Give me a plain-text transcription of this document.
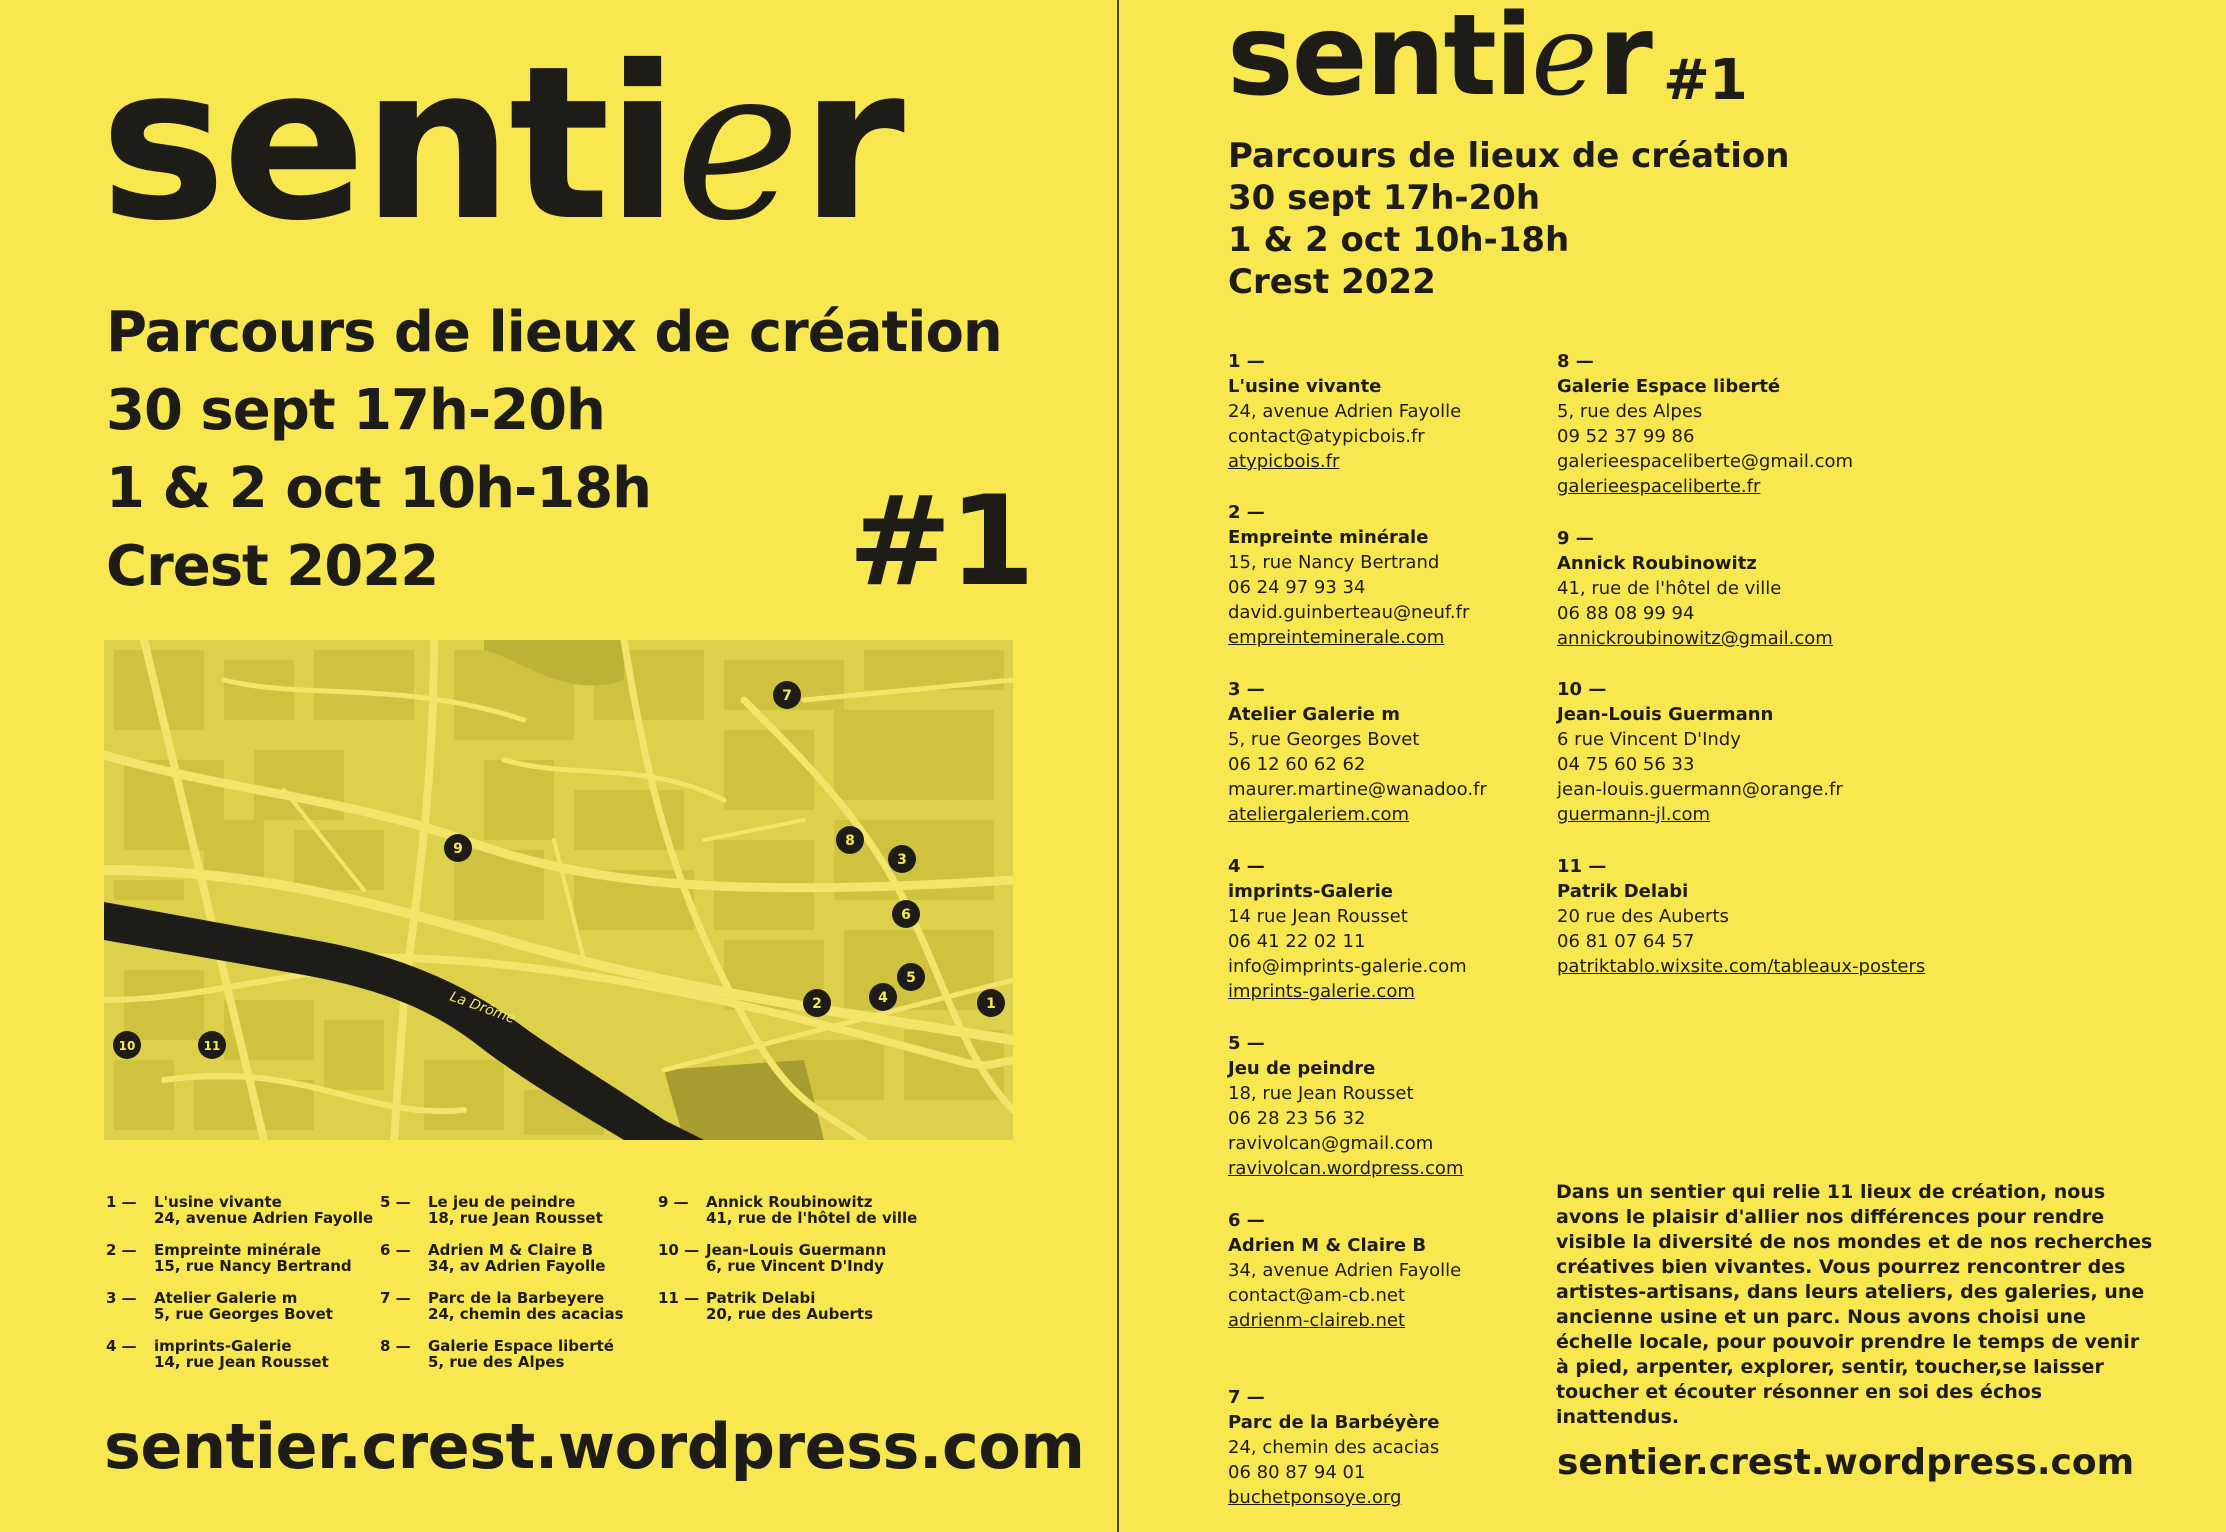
sentier
Parcours de lieux de création
30 sept 17h-20h
1 & 2 oct 10h-18h
Crest 2022	#1
La Drôme	1
2
3
4
5
6
7
8
9
10	11
1 — L'usine vivante
24, avenue Adrien Fayolle
2 — Empreinte minérale
15, rue Nancy Bertrand
3 — Atelier Galerie m
5, rue Georges Bovet
4 — imprints-Galerie
14, rue Jean Rousset
5 — Le jeu de peindre
18, rue Jean Rousset
6 — Adrien M & Claire B
34, av Adrien Fayolle
7 — Parc de la Barbeyere
24, chemin des acacias
8 — Galerie Espace liberté
5, rue des Alpes
9 — Annick Roubinowitz
41, rue de l'hôtel de ville
10 — Jean-Louis Guermann
6, rue Vincent D'Indy
11 — Patrik Delabi
20, rue des Auberts
sentier.crest.wordpress.com
sentier #1
Parcours de lieux de création
30 sept 17h-20h
1 & 2 oct 10h-18h
Crest 2022
1 —
L'usine vivante
24, avenue Adrien Fayolle
contact@atypicbois.fr
atypicbois.fr
2 —
Empreinte minérale
15, rue Nancy Bertrand
06 24 97 93 34
david.guinberteau@neuf.fr
empreinteminerale.com
3 —
Atelier Galerie m
5, rue Georges Bovet
06 12 60 62 62
maurer.martine@wanadoo.fr
ateliergaleriem.com
4 —
imprints-Galerie
14 rue Jean Rousset
06 41 22 02 11
info@imprints-galerie.com
imprints-galerie.com
5 —
Jeu de peindre
18, rue Jean Rousset
06 28 23 56 32
ravivolcan@gmail.com
ravivolcan.wordpress.com
6 —
Adrien M & Claire B
34, avenue Adrien Fayolle
contact@am-cb.net
adrienm-claireb.net
7 —
Parc de la Barbéyère
24, chemin des acacias
06 80 87 94 01
buchetponsoye.org
8 —
Galerie Espace liberté
5, rue des Alpes
09 52 37 99 86
galerieespaceliberte@gmail.com
galerieespaceliberte.fr
9 —
Annick Roubinowitz
41, rue de l'hôtel de ville
06 88 08 99 94
annickroubinowitz@gmail.com
10 —
Jean-Louis Guermann
6 rue Vincent D'Indy
04 75 60 56 33
jean-louis.guermann@orange.fr
guermann-jl.com
11 —
Patrik Delabi
20 rue des Auberts
06 81 07 64 57
patriktablo.wixsite.com/tableaux-posters
Dans un sentier qui relie 11 lieux de création, nous avons le plaisir d'allier nos différences pour rendre visible la diversité de nos mondes et de nos recherches créatives bien vivantes. Vous pourrez rencontrer des artistes-artisans, dans leurs ateliers, des galeries, une ancienne usine et un parc. Nous avons choisi une échelle locale, pour pouvoir prendre le temps de venir à pied, arpenter, explorer, sentir, toucher,se laisser toucher et écouter résonner en soi des échos inattendus.
sentier.crest.wordpress.com
